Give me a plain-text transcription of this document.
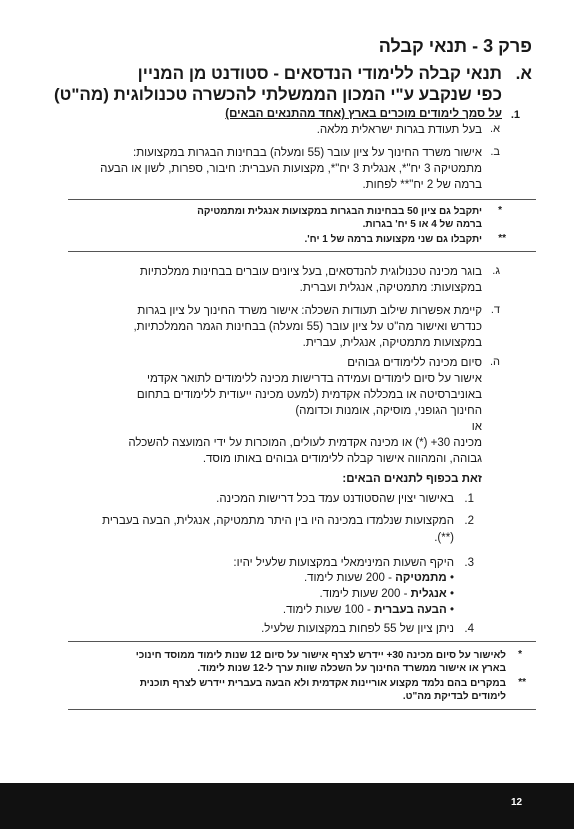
פרק 3 - תנאי קבלה
א.
תנאי קבלה ללימודי הנדסאים - סטודנט מן המניין
כפי שנקבע ע"י המכון הממשלתי להכשרה טכנולוגית (מה"ט)
1.
על סמך לימודים מוכרים בארץ (אחד מהתנאים הבאים)
א.
בעל תעודת בגרות ישראלית מלאה.
ב.
אישור משרד החינוך על ציון עובר (55 ומעלה) בבחינות הבגרות במקצועות:
מתמטיקה 3 יח"*, אנגלית 3 יח"*, מקצועות העברית: חיבור, ספרות, לשון או הבעה
ברמה של 2 יח"** לפחות.
*
יתקבל גם ציון 50 בבחינות הבגרות במקצועות אנגלית ומתמטיקה
ברמה של 4 או 5 יח' בגרות.
**
יתקבלו גם שני מקצועות ברמה של 1 יח'.
ג.
בוגר מכינה טכנולוגית להנדסאים, בעל ציונים עוברים בבחינות ממלכתיות
במקצועות: מתמטיקה, אנגלית ועברית.
ד.
קיימת אפשרות שילוב תעודות השכלה: אישור משרד החינוך על ציון בגרות
כנדרש ואישור מה"ט על ציון עובר (55 ומעלה) בבחינות הגמר הממלכתיות,
במקצועות מתמטיקה, אנגלית, עברית.
ה.
סיום מכינה ללימודים גבוהים
אישור על סיום לימודים ועמידה בדרישות מכינה ללימודים לתואר אקדמי
באוניברסיטה או במכללה אקדמית (למעט מכינה ייעודית ללימודים בתחום
החינוך הגופני, מוסיקה, אומנות וכדומה)
או
מכינה 30+ (*) או מכינה אקדמית לעולים, המוכרות על ידי המועצה להשכלה
גבוהה, והמהווה אישור קבלה ללימודים גבוהים באותו מוסד.
זאת בכפוף לתנאים הבאים:
1.
באישור יצוין שהסטודנט עמד בכל דרישות המכינה.
2.
המקצועות שנלמדו במכינה היו בין היתר מתמטיקה, אנגלית, הבעה בעברית
(**).
3.
היקף השעות המינימאלי במקצועות שלעיל יהיו:
• מתמטיקה - 200 שעות לימוד.
• אנגלית - 200 שעות לימוד.
• הבעה בעברית - 100 שעות לימוד.
4.
ניתן ציון של 55 לפחות במקצועות שלעיל.
*
לאישור על סיום מכינה 30+ יידרש לצרף אישור על סיום 12 שנות לימוד ממוסד חינוכי
בארץ או אישור ממשרד החינוך על השכלה שוות ערך ל-12 שנות לימוד.
**
במקרים בהם נלמד מקצוע אוריינות אקדמית ולא הבעה בעברית יידרש לצרף תוכנית
לימודים לבדיקת מה"ט.
12
